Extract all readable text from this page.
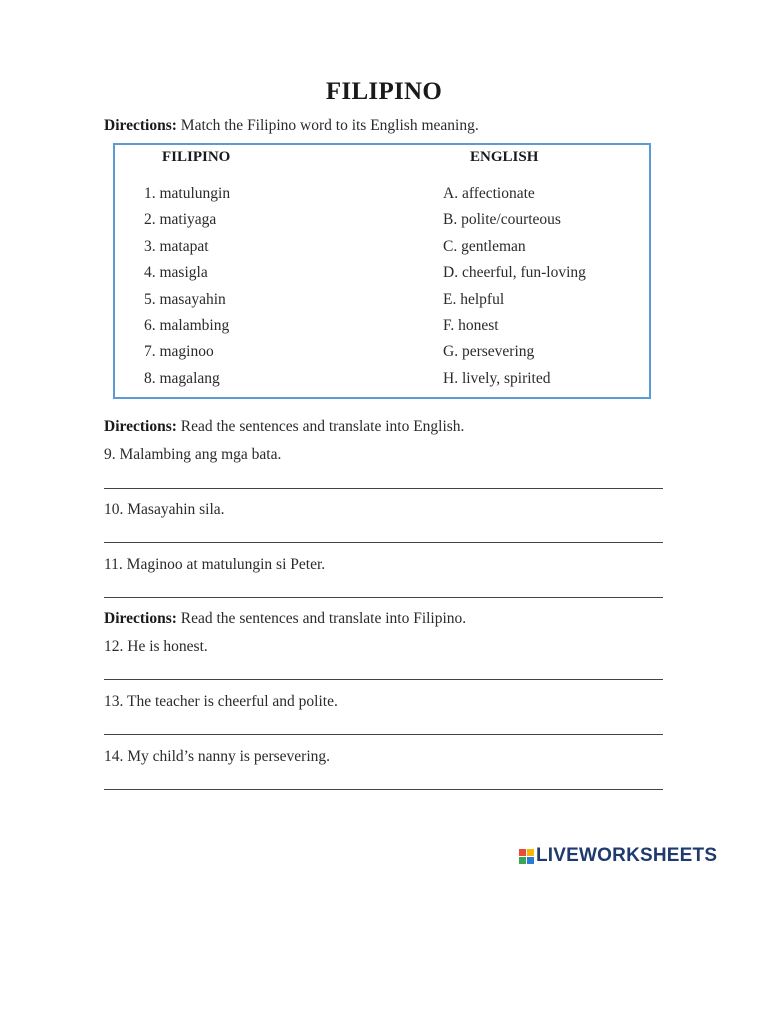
FILIPINO
Directions: Match the Filipino word to its English meaning.
FILIPINO	ENGLISH
1. matulungin
2. matiyaga
3. matapat
4. masigla
5. masayahin
6. malambing
7. maginoo
8. magalang
A. affectionate
B. polite/courteous
C. gentleman
D. cheerful, fun-loving
E. helpful
F. honest
G. persevering
H. lively, spirited
Directions: Read the sentences and translate into English.
9. Malambing ang mga bata.
10. Masayahin sila.
11. Maginoo at matulungin si Peter.
Directions: Read the sentences and translate into Filipino.
12. He is honest.
13. The teacher is cheerful and polite.
14. My child’s nanny is persevering.
LIVEWORKSHEETS
